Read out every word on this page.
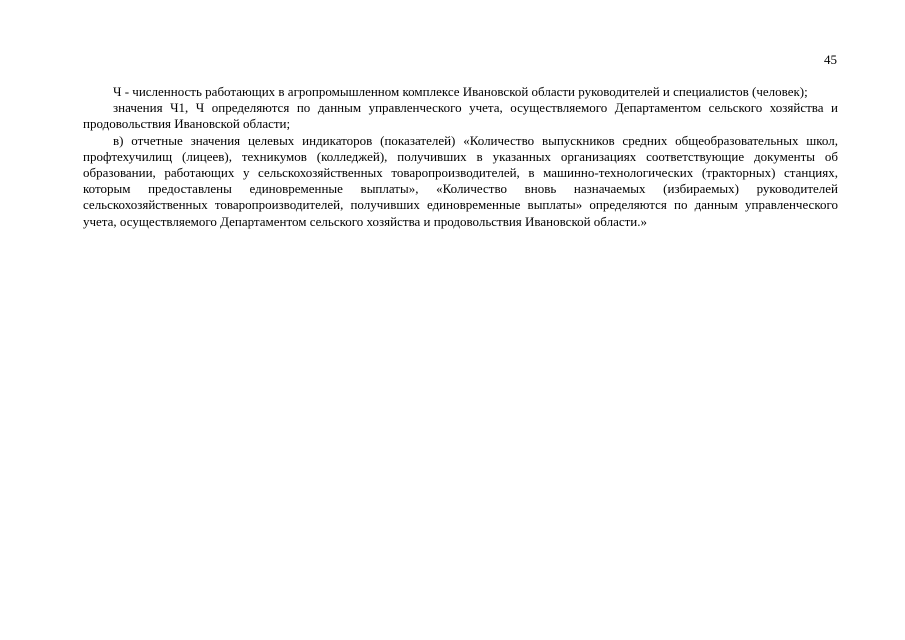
45

Ч - численность работающих в агропромышленном комплексе Ивановской области руководителей и специалистов (человек);

значения Ч1, Ч определяются по данным управленческого учета, осуществляемого Департаментом сельского хозяйства и продовольствия Ивановской области;

в) отчетные значения целевых индикаторов (показателей) «Количество выпускников средних общеобразовательных школ, профтехучилищ (лицеев), техникумов (колледжей), получивших в указанных организациях соответствующие документы об образовании, работающих у сельскохозяйственных товаропроизводителей, в машинно-технологических (тракторных) станциях, которым предоставлены единовременные выплаты», «Количество вновь назначаемых (избираемых) руководителей сельскохозяйственных товаропроизводителей, получивших единовременные выплаты» определяются по данным управленческого учета, осуществляемого Департаментом сельского хозяйства и продовольствия Ивановской области.»
